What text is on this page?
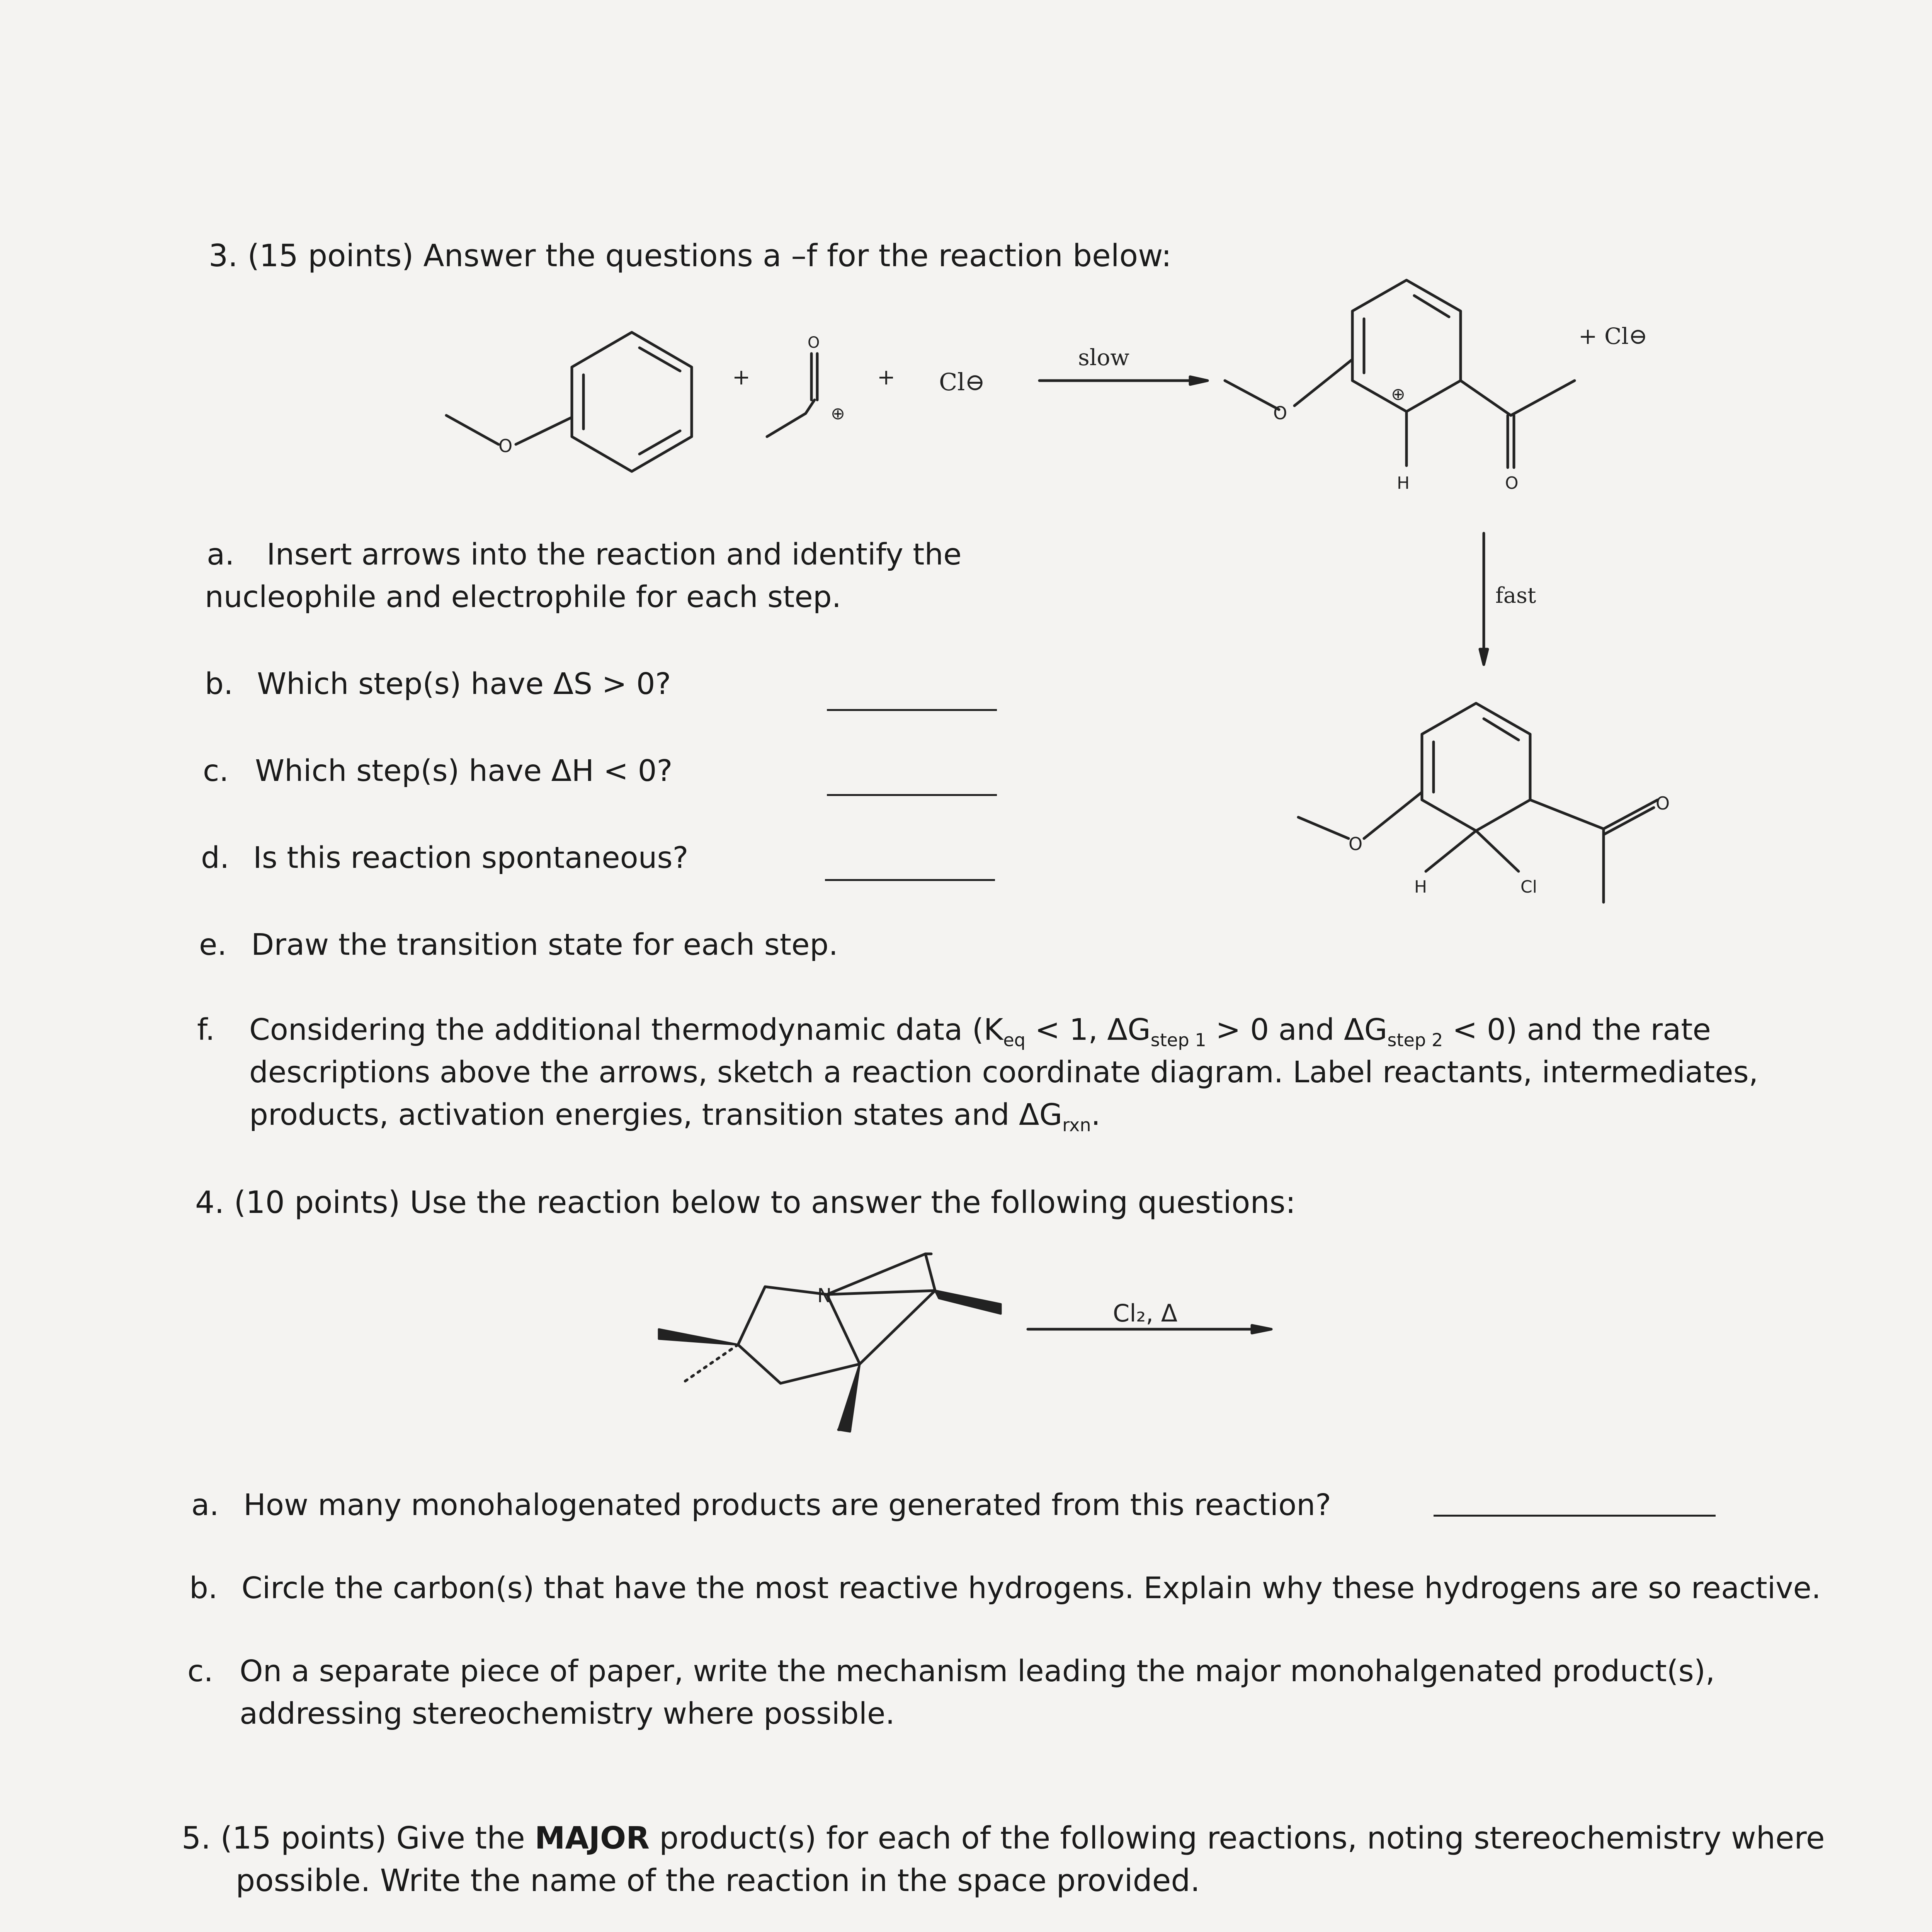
3. (15 points) Answer the questions a –f for the reaction below:
a. Insert arrows into the reaction and identify the
nucleophile and electrophile for each step.
b. Which step(s) have ΔS > 0?
c. Which step(s) have ΔH < 0?
d. Is this reaction spontaneous?
e. Draw the transition state for each step.
f. Considering the additional thermodynamic data ($K_{eq} < 1$, $\Delta G_{step 1} > 0$ and $\Delta G_{step 2} < 0$) and the rate
descriptions above the arrows, sketch a reaction coordinate diagram. Label reactants, intermediates,
products, activation energies, transition states and $\Delta G_{rxn}$.
4. (10 points) Use the reaction below to answer the following questions:
a. How many monohalogenated products are generated from this reaction?
b. Circle the carbon(s) that have the most reactive hydrogens. Explain why these hydrogens are so reactive.
c. On a separate piece of paper, write the mechanism leading the major monohalgenated product(s),
addressing stereochemistry where possible.
5. (15 points) Give the MAJOR product(s) for each of the following reactions, noting stereochemistry where
possible. Write the name of the reaction in the space provided.
+	+ Cl⊖
slow
fast
+ Cl⊖
O
O
⊕	O
H	O
⊕
O
H	Cl
O
N
Cl₂, Δ
